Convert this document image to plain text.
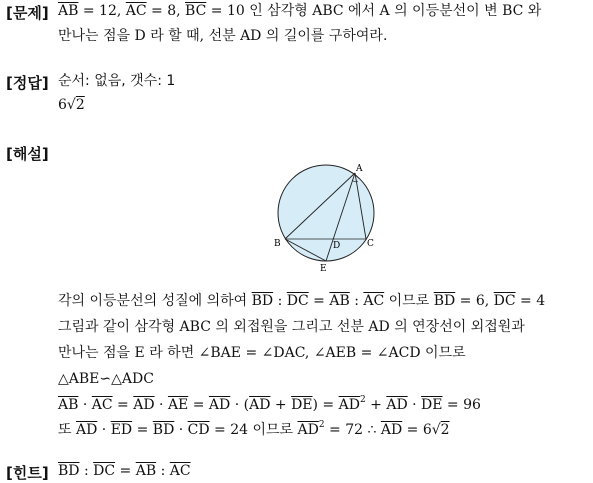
[문제] $\overline{AB} = 12$, $\overline{AC} = 8$, $\overline{BC} = 10$ 인 삼각형 ABC 에서 A 의 이등분선이 변 BC 와
만나는 점을 D 라 할 때, 선분 AD 의 길이를 구하여라.
[정답] 순서: 없음, 갯수: 1
6√2
[해설]
A
B	C
D
E
각의 이등분선의 성질에 의하여 $\overline{BD}$ : $\overline{DC} = \overline{AB}$ : $\overline{AC}$ 이므로 $\overline{BD} = 6$, $\overline{DC} = 4$
그림과 같이 삼각형 ABC 의 외접원을 그리고 선분 AD 의 연장선이 외접원과
만나는 점을 E 라 하면 ∠BAE = ∠DAC, ∠AEB = ∠ACD 이므로
△ABE∽△ADC
$\overline{AB} \cdot \overline{AC} = \overline{AD} \cdot \overline{AE} = \overline{AD} \cdot (\overline{AD} + \overline{DE}) = \overline{AD}^2 + \overline{AD} \cdot \overline{DE} = 96$
또 $\overline{AD} \cdot \overline{ED} = \overline{BD} \cdot \overline{CD} = 24$ 이므로 $\overline{AD}^2 = 72$ ∴ $\overline{AD} = 6√2$
[힌트] $\overline{BD}$ : $\overline{DC} = \overline{AB}$ : $\overline{AC}$
